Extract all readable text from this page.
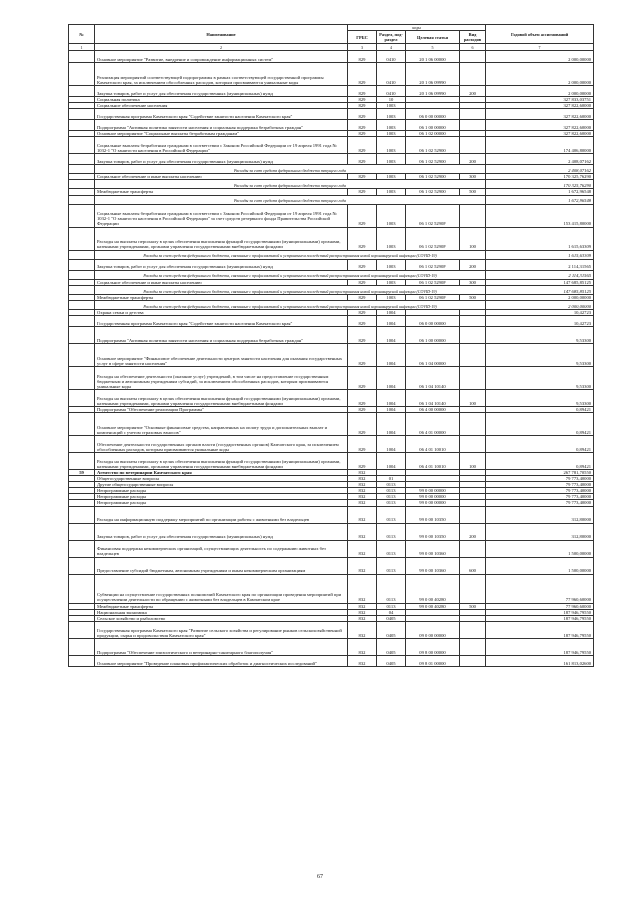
№	Наименование	коды				Годовой объем ассигнований
		ГРБС	Раздел, под-раздел	Целевая статья	Вид расходов	
1	2	3	4	5	6	7
	Основное мероприятие "Развитие, внедрение и сопровождение информационных систем"	829	0410	20 1 06 00000		2 000,00000
	Реализация мероприятий соответствующей подпрограммы в рамках соответствующей государственной программы Камчатского края, за исключением обособленных расходов, которым присваиваются уникальные коды	829	0410	20 1 06 09990		2 000,00000
	Закупка товаров, работ и услуг для обеспечения государственных (муниципальных) нужд	829	0410	20 1 06 09990	200	2 000,00000
	Социальная политика	829	10			327 833,03751
	Социальное обеспечение населения	829	1003			327 822,60000
	Государственная программа Камчатского края "Содействие занятости населения Камчатского края"	829	1003	06 0 00 00000		327 822,60000
	Подпрограмма "Активная политика занятости населения и социальная поддержка безработных граждан"	829	1003	06 1 00 00000		327 822,60000
	Основное мероприятие "Социальные выплаты безработным гражданам"	829	1003	06 1 02 00000		327 822,60000
	Социальные выплаты безработным гражданам в соответствии с Законом Российской Федерации от 19 апреля 1991 года № 1032-1 "О занятости населения в Российской Федерации"	829	1003	06 1 02 52900		174 406,80000
	Закупка товаров, работ и услуг для обеспечения государственных (муниципальных) нужд	829	1003	06 1 02 52900	200	2 408,07162
	Расходы за счет средств федерального бюджета текущего года					2 408,07162
	Социальное обеспечение и иные выплаты населению	829	1003	06 1 02 52900	300	170 325,76290
	Расходы за счет средств федерального бюджета текущего года					170 325,76290
	Межбюджетные трансферты	829	1003	06 1 02 52900	500	1 672,96548
	Расходы за счет средств федерального бюджета текущего года					1 672,96548
	Социальные выплаты безработным гражданам в соответствии с Законом Российской Федерации от 19 апреля 1991 года № 1032-1 "О занятости населения в Российской Федерации" за счет средств резервного фонда Правительства Российской Федерации	829	1003	06 1 02 5290F		153 415,80000
	Расходы на выплаты персоналу в целях обеспечения выполнения функций государственными (муниципальными) органами, казенными учреждениями, органами управления государственными внебюджетными фондами	829	1003	06 1 02 5290F	100	1 615,63309
	Расходы за счет средств федерального бюджета, связанные с профилактикой и устранением последствий распространения новой коронавирусной инфекции (COVID-19)					1 615,63309
	Закупка товаров, работ и услуг для обеспечения государственных (муниципальных) нужд	829	1003	06 1 02 5290F	200	2 114,31565
	Расходы за счет средств федерального бюджета, связанные с профилактикой и устранением последствий распространения новой коронавирусной инфекции (COVID-19)					2 114,31565
	Социальное обеспечение и иные выплаты населению	829	1003	06 1 02 5290F	300	147 685,85125
	Расходы за счет средств федерального бюджета, связанные с профилактикой и устранением последствий распространения новой коронавирусной инфекции (COVID-19)					147 685,85125
	Межбюджетные трансферты	829	1003	06 1 02 5290F	500	2 000,00000
	Расходы за счет средств федерального бюджета, связанные с профилактикой и устранением последствий распространения новой коронавирусной инфекции (COVID-19)					2 000,00000
	Охрана семьи и детства	829	1004			10,42723
	Государственная программа Камчатского края "Содействие занятости населения Камчатского края"	829	1004	06 0 00 00000		10,42723
	Подпрограмма "Активная политика занятости населения и социальная поддержка безработных граждан"	829	1004	06 1 00 00000		9,53300
	Основное мероприятие "Финансовое обеспечение деятельности центров занятости населения для оказания государственных услуг в сфере занятости населения"	829	1004	06 1 04 00000		9,53300
	Расходы на обеспечение деятельности (оказание услуг) учреждений, в том числе на предоставление государственным бюджетным и автономным учреждениям субсидий, за исключением обособленных расходов, которым присваиваются уникальные коды	829	1004	06 1 04 10140		9,53300
	Расходы на выплаты персоналу в целях обеспечения выполнения функций государственными (муниципальными) органами, казенными учреждениями, органами управления государственными внебюджетными фондами	829	1004	06 1 04 10140	100	9,53300
	Подпрограмма "Обеспечение реализации Программы"	829	1004	06 4 00 00000		0,89421
	Основное мероприятие "Основные финансовые средства, направленных на оплату труда и дополнительных выплат и компенсаций с учетом страховых взносов"	829	1004	06 4 01 00000		0,89421
	Обеспечение деятельности государственных органов власти (государственных органов) Камчатского края, за исключением обособленных расходов, которым присваиваются уникальные коды	829	1004	06 4 01 10010		0,89421
	Расходы на выплаты персоналу в целях обеспечения выполнения функций государственными (муниципальными) органами, казенными учреждениями, органами управления государственными внебюджетными фондами	829	1004	06 4 01 10010	100	0,89421
59	Агентство по ветеринарии Камчатского края	832				267 781,70550
	Общегосударственные вопросы	832	01			79 773,40000
	Другие общегосударственные вопросы	832	0113			79 773,40000
	Непрограммные расходы	832	0113	99 0 00 00000		79 773,40000
	Непрограммные расходы	832	0113	99 0 00 00000		79 773,40000
	Непрограммные расходы	832	0113	99 0 00 00000		79 773,40000
	Расходы на информационную поддержку мероприятий по организации работы с животными без владельцев	832	0113	99 0 00 10350		312,80000
	Закупка товаров, работ и услуг для обеспечения государственных (муниципальных) нужд	832	0113	99 0 00 10350	200	312,80000
	Финансовая поддержка некоммерческих организаций, осуществляющих деятельность по содержанию животных без владельцев	832	0113	99 0 00 10360		1 500,00000
	Предоставление субсидий бюджетным, автономным учреждениям и иным некоммерческим организациям	832	0113	99 0 00 10360	600	1 500,00000
	Субвенции на осуществление государственных полномочий Камчатского края по организации проведения мероприятий при осуществлении деятельности по обращению с животными без владельцев в Камчатском крае	832	0113	99 0 00 40280		77 960,60000
	Межбюджетные трансферты	832	0113	99 0 00 40280	500	77 960,60000
	Национальная экономика	832	04			187 946,79550
	Сельское хозяйство и рыболовство	832	0405			187 946,79550
	Государственная программа Камчатского края "Развитие сельского хозяйства и регулирование рынков сельскохозяйственной продукции, сырья и продовольствия Камчатского края"	832	0405	09 0 00 00000		187 946,79550
	Подпрограмма "Обеспечение эпизоотического и ветеринарно-санитарного благополучия"	832	0405	09 8 00 00000		187 946,79550
	Основное мероприятие "Проведение плановых профилактических обработок и диагностических исследований"	832	0405	09 8 01 00000		161 813,02600
67
